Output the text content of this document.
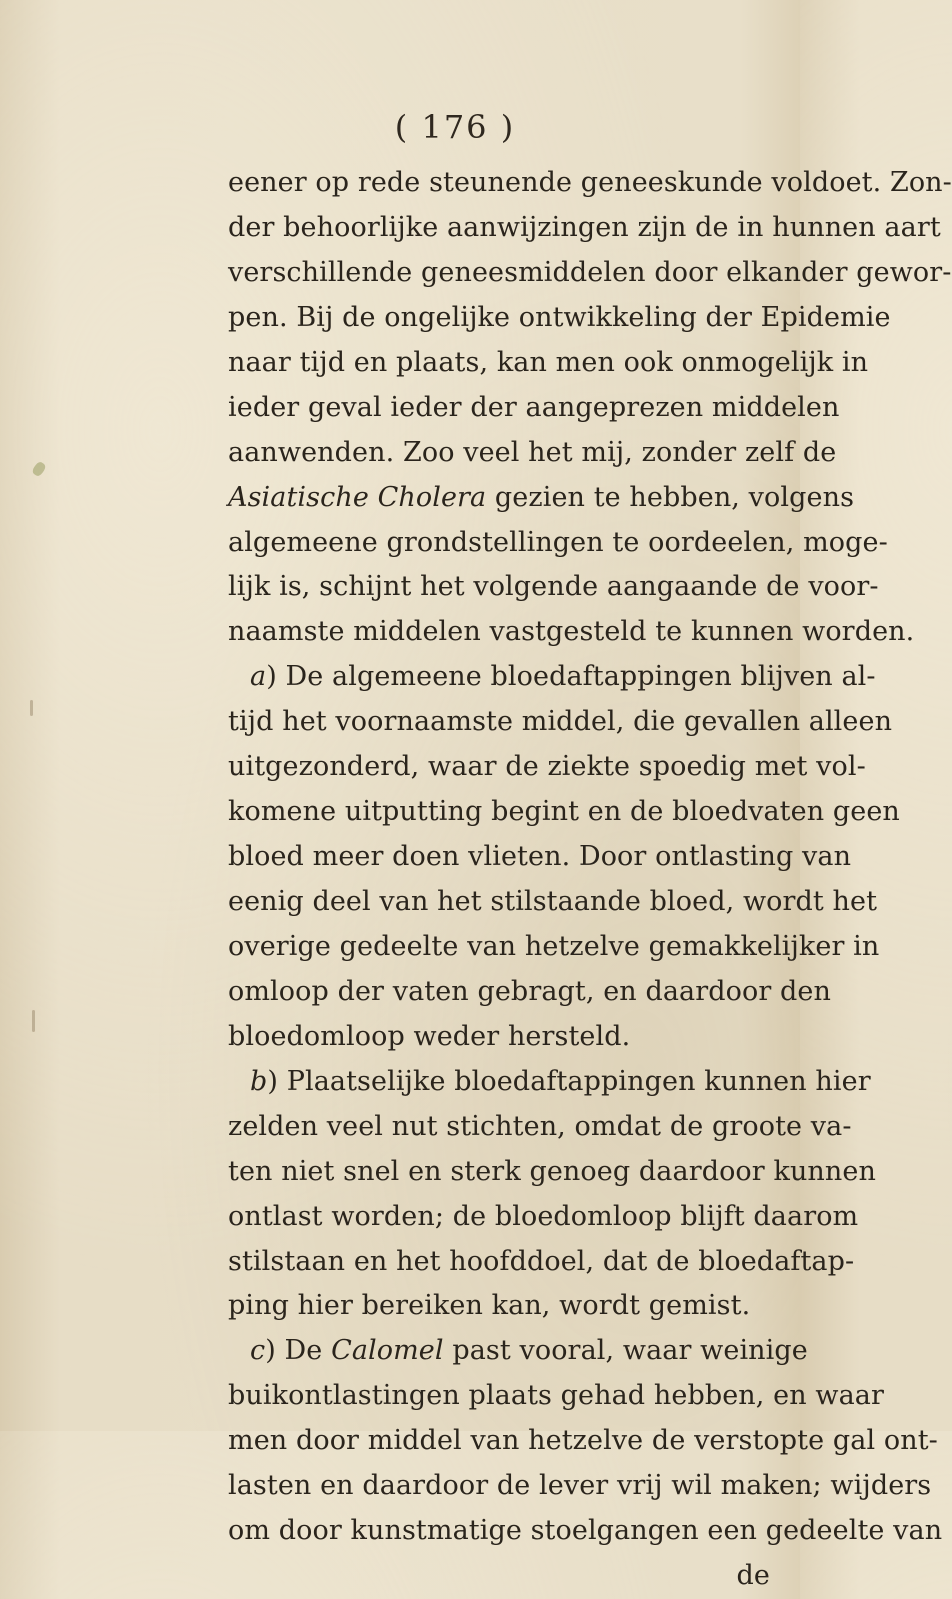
( 176 )
eener op rede steunende geneeskunde voldoet. Zon-
der behoorlijke aanwijzingen zijn de in hunnen aart
verschillende geneesmiddelen door elkander gewor-
pen. Bij de ongelijke ontwikkeling der Epidemie
naar tijd en plaats, kan men ook onmogelijk in
ieder geval ieder der aangeprezen middelen
aanwenden. Zoo veel het mij, zonder zelf de
Asiatische Cholera gezien te hebben, volgens
algemeene grondstellingen te oordeelen, moge-
lijk is, schijnt het volgende aangaande de voor-
naamste middelen vastgesteld te kunnen worden.
a) De algemeene bloedaftappingen blijven al-
tijd het voornaamste middel, die gevallen alleen
uitgezonderd, waar de ziekte spoedig met vol-
komene uitputting begint en de bloedvaten geen
bloed meer doen vlieten. Door ontlasting van
eenig deel van het stilstaande bloed, wordt het
overige gedeelte van hetzelve gemakkelijker in
omloop der vaten gebragt, en daardoor den
bloedomloop weder hersteld.
b) Plaatselijke bloedaftappingen kunnen hier
zelden veel nut stichten, omdat de groote va-
ten niet snel en sterk genoeg daardoor kunnen
ontlast worden; de bloedomloop blijft daarom
stilstaan en het hoofddoel, dat de bloedaftap-
ping hier bereiken kan, wordt gemist.
c) De Calomel past vooral, waar weinige
buikontlastingen plaats gehad hebben, en waar
men door middel van hetzelve de verstopte gal ont-
lasten en daardoor de lever vrij wil maken; wijders
om door kunstmatige stoelgangen een gedeelte van
de
